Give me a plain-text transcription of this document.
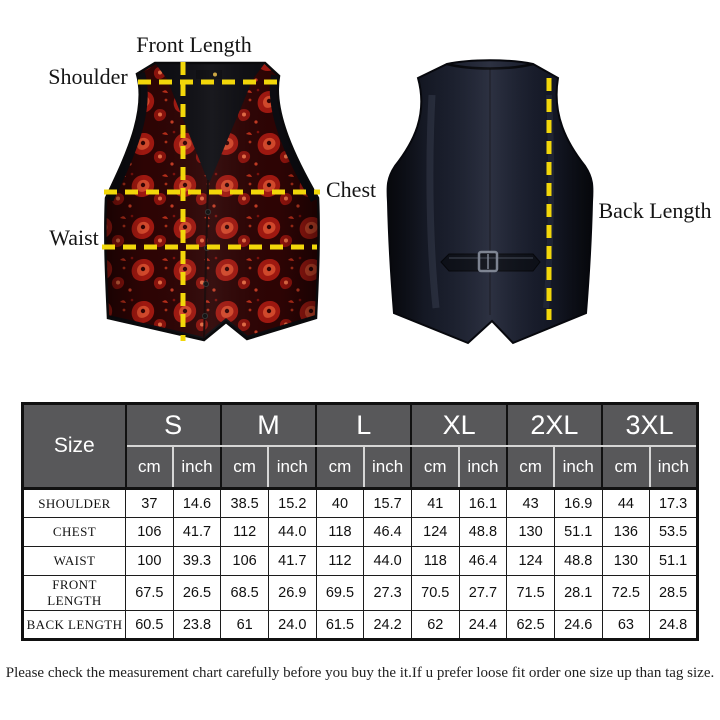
Front Length
Shoulder
Chest
Waist
Back Length
Size	S		M		L		XL		2XL		3XL	
	cm	inch	cm	inch	cm	inch	cm	inch	cm	inch	cm	inch
SHOULDER	37	14.6	38.5	15.2	40	15.7	41	16.1	43	16.9	44	17.3
CHEST	106	41.7	112	44.0	118	46.4	124	48.8	130	51.1	136	53.5
WAIST	100	39.3	106	41.7	112	44.0	118	46.4	124	48.8	130	51.1
FRONT LENGTH	67.5	26.5	68.5	26.9	69.5	27.3	70.5	27.7	71.5	28.1	72.5	28.5
BACK LENGTH	60.5	23.8	61	24.0	61.5	24.2	62	24.4	62.5	24.6	63	24.8
Please check the measurement chart carefully before you buy the it.If u prefer loose fit order one size up than tag size.
